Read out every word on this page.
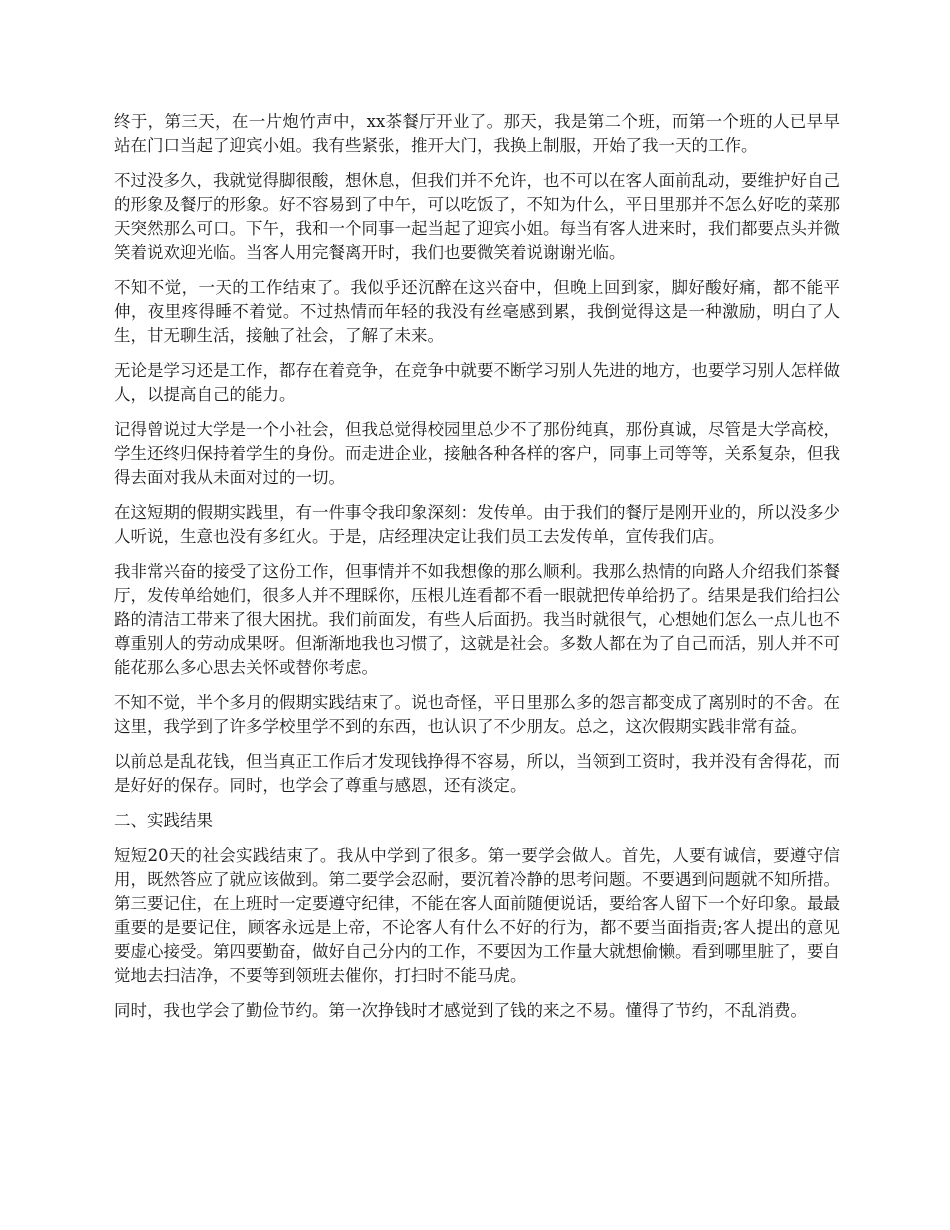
终于，第三天，在一片炮竹声中，xx茶餐厅开业了。那天，我是第二个班，而第一个班的人已早早站在门口当起了迎宾小姐。我有些紧张，推开大门，我换上制服，开始了我一天的工作。

不过没多久，我就觉得脚很酸，想休息，但我们并不允许，也不可以在客人面前乱动，要维护好自己的形象及餐厅的形象。好不容易到了中午，可以吃饭了，不知为什么，平日里那并不怎么好吃的菜那天突然那么可口。下午，我和一个同事一起当起了迎宾小姐。每当有客人进来时，我们都要点头并微笑着说欢迎光临。当客人用完餐离开时，我们也要微笑着说谢谢光临。

不知不觉，一天的工作结束了。我似乎还沉醉在这兴奋中，但晚上回到家，脚好酸好痛，都不能平伸，夜里疼得睡不着觉。不过热情而年轻的我没有丝毫感到累，我倒觉得这是一种激励，明白了人生，甘无聊生活，接触了社会，了解了未来。

无论是学习还是工作，都存在着竞争，在竞争中就要不断学习别人先进的地方，也要学习别人怎样做人，以提高自己的能力。

记得曾说过大学是一个小社会，但我总觉得校园里总少不了那份纯真，那份真诚，尽管是大学高校，学生还终归保持着学生的身份。而走进企业，接触各种各样的客户，同事上司等等，关系复杂，但我得去面对我从未面对过的一切。

在这短期的假期实践里，有一件事令我印象深刻：发传单。由于我们的餐厅是刚开业的，所以没多少人听说，生意也没有多红火。于是，店经理决定让我们员工去发传单，宣传我们店。

我非常兴奋的接受了这份工作，但事情并不如我想像的那么顺利。我那么热情的向路人介绍我们茶餐厅，发传单给她们，很多人并不理睬你，压根儿连看都不看一眼就把传单给扔了。结果是我们给扫公路的清洁工带来了很大困扰。我们前面发，有些人后面扔。我当时就很气，心想她们怎么一点儿也不尊重别人的劳动成果呀。但渐渐地我也习惯了，这就是社会。多数人都在为了自己而活，别人并不可能花那么多心思去关怀或替你考虑。

不知不觉，半个多月的假期实践结束了。说也奇怪，平日里那么多的怨言都变成了离别时的不舍。在这里，我学到了许多学校里学不到的东西，也认识了不少朋友。总之，这次假期实践非常有益。

以前总是乱花钱，但当真正工作后才发现钱挣得不容易，所以，当领到工资时，我并没有舍得花，而是好好的保存。同时，也学会了尊重与感恩，还有淡定。

二、实践结果

短短20天的社会实践结束了。我从中学到了很多。第一要学会做人。首先，人要有诚信，要遵守信用，既然答应了就应该做到。第二要学会忍耐，要沉着冷静的思考问题。不要遇到问题就不知所措。第三要记住，在上班时一定要遵守纪律，不能在客人面前随便说话，要给客人留下一个好印象。最最重要的是要记住，顾客永远是上帝，不论客人有什么不好的行为，都不要当面指责;客人提出的意见要虚心接受。第四要勤奋，做好自己分内的工作，不要因为工作量大就想偷懒。看到哪里脏了，要自觉地去扫洁净，不要等到领班去催你，打扫时不能马虎。

同时，我也学会了勤俭节约。第一次挣钱时才感觉到了钱的来之不易。懂得了节约，不乱消费。
